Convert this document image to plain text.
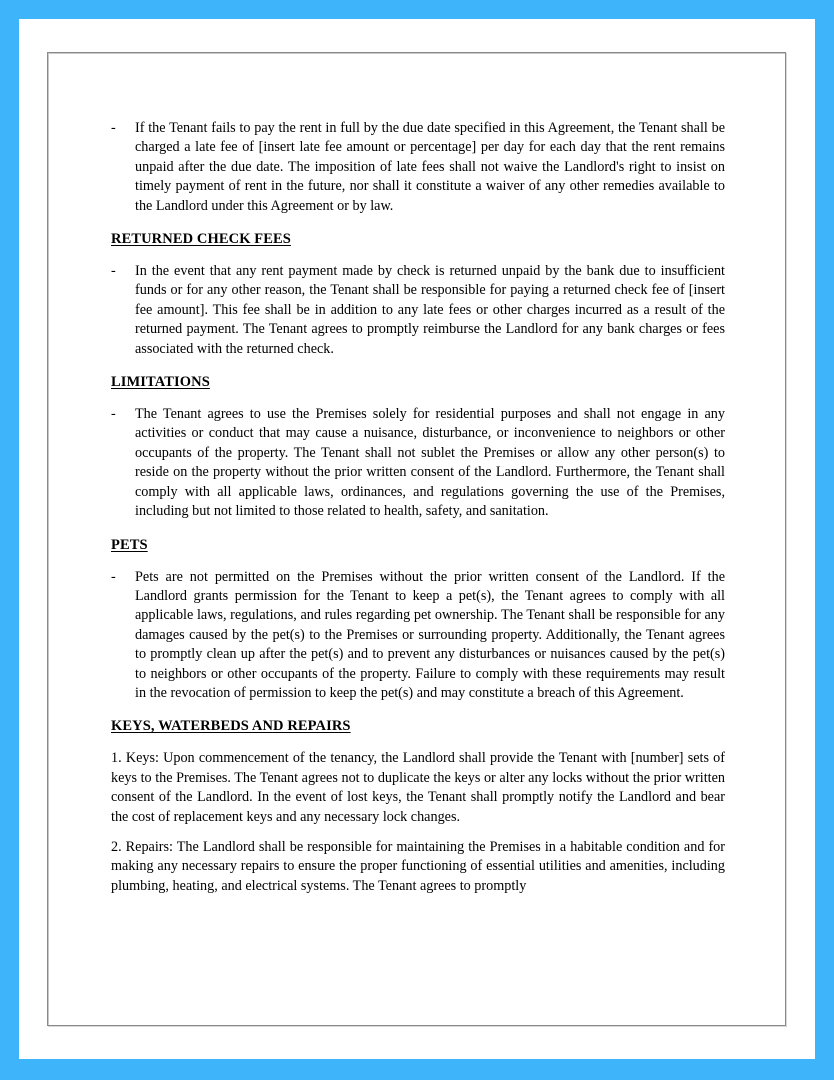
-	If the Tenant fails to pay the rent in full by the due date specified in this Agreement, the Tenant shall be charged a late fee of [insert late fee amount or percentage] per day for each day that the rent remains unpaid after the due date. The imposition of late fees shall not waive the Landlord's right to insist on timely payment of rent in the future, nor shall it constitute a waiver of any other remedies available to the Landlord under this Agreement or by law.
RETURNED CHECK FEES
-	In the event that any rent payment made by check is returned unpaid by the bank due to insufficient funds or for any other reason, the Tenant shall be responsible for paying a returned check fee of [insert fee amount]. This fee shall be in addition to any late fees or other charges incurred as a result of the returned payment. The Tenant agrees to promptly reimburse the Landlord for any bank charges or fees associated with the returned check.
LIMITATIONS
-	The Tenant agrees to use the Premises solely for residential purposes and shall not engage in any activities or conduct that may cause a nuisance, disturbance, or inconvenience to neighbors or other occupants of the property. The Tenant shall not sublet the Premises or allow any other person(s) to reside on the property without the prior written consent of the Landlord. Furthermore, the Tenant shall comply with all applicable laws, ordinances, and regulations governing the use of the Premises, including but not limited to those related to health, safety, and sanitation.
PETS
-	Pets are not permitted on the Premises without the prior written consent of the Landlord. If the Landlord grants permission for the Tenant to keep a pet(s), the Tenant agrees to comply with all applicable laws, regulations, and rules regarding pet ownership. The Tenant shall be responsible for any damages caused by the pet(s) to the Premises or surrounding property. Additionally, the Tenant agrees to promptly clean up after the pet(s) and to prevent any disturbances or nuisances caused by the pet(s) to neighbors or other occupants of the property. Failure to comply with these requirements may result in the revocation of permission to keep the pet(s) and may constitute a breach of this Agreement.
KEYS, WATERBEDS AND REPAIRS

1. Keys: Upon commencement of the tenancy, the Landlord shall provide the Tenant with [number] sets of keys to the Premises. The Tenant agrees not to duplicate the keys or alter any locks without the prior written consent of the Landlord. In the event of lost keys, the Tenant shall promptly notify the Landlord and bear the cost of replacement keys and any necessary lock changes.

2. Repairs: The Landlord shall be responsible for maintaining the Premises in a habitable condition and for making any necessary repairs to ensure the proper functioning of essential utilities and amenities, including plumbing, heating, and electrical systems. The Tenant agrees to promptly
